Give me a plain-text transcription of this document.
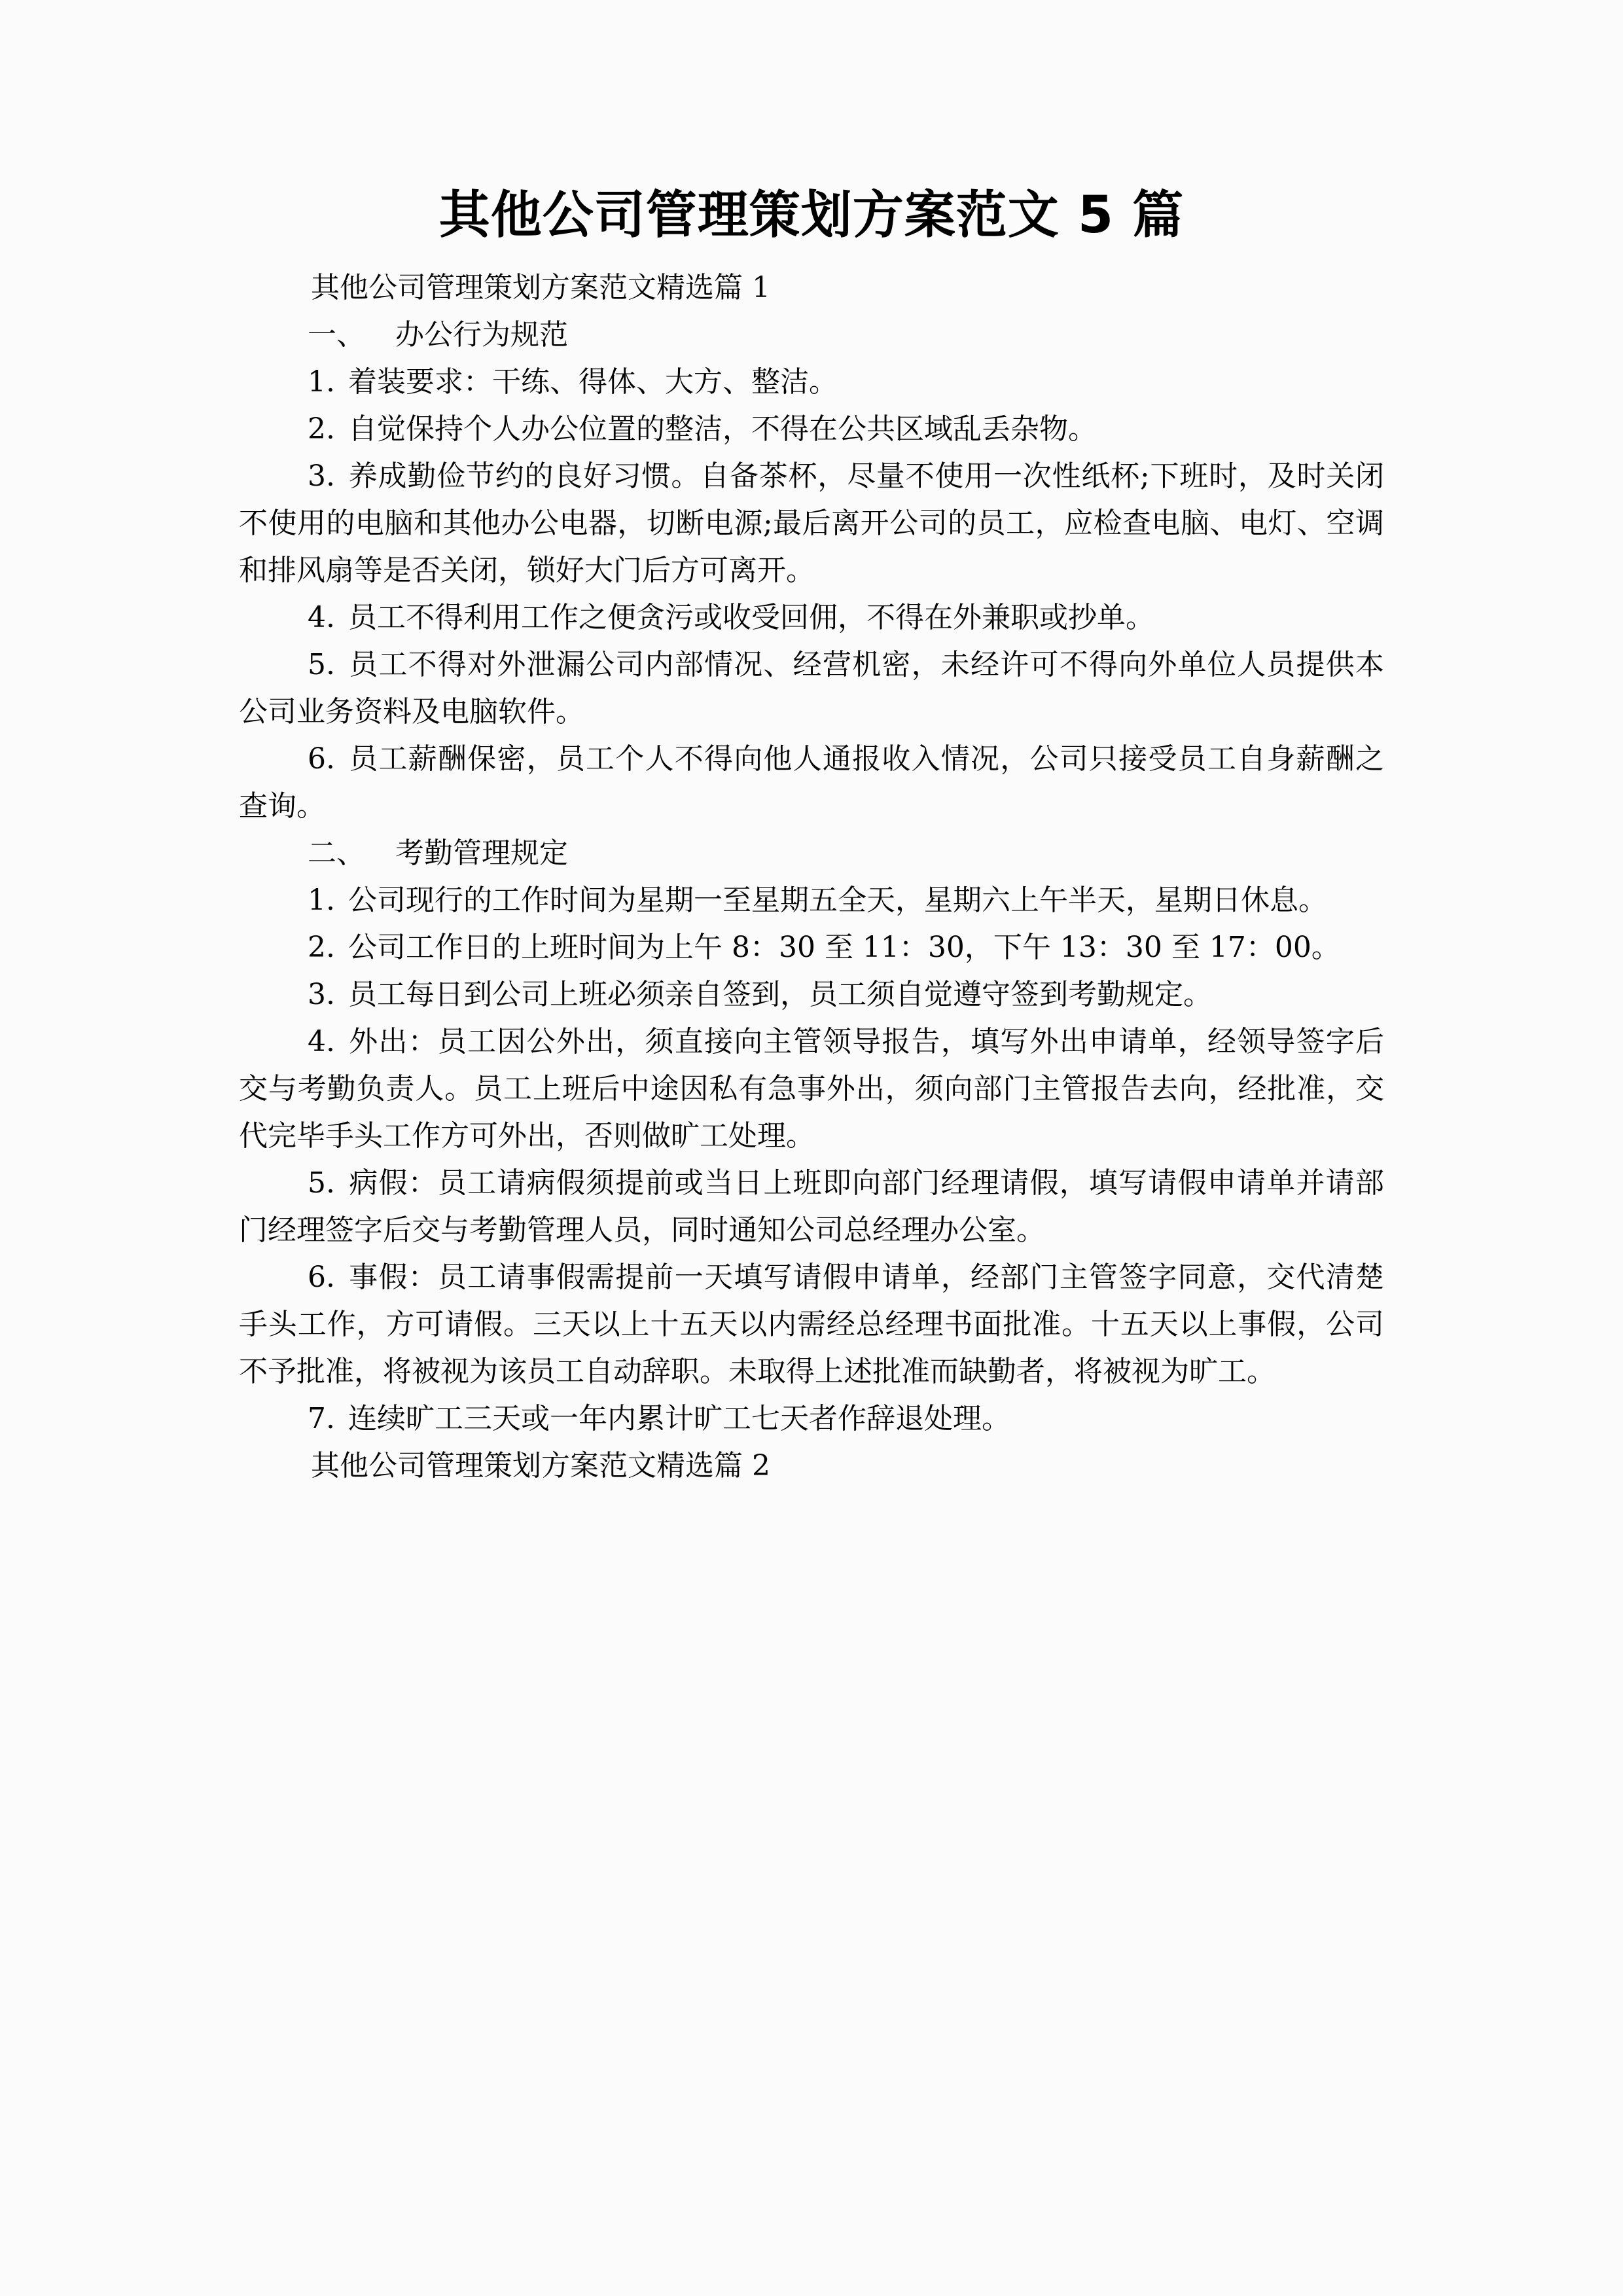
其他公司管理策划方案范文 5 篇
其他公司管理策划方案范文精选篇 1
一、 办公行为规范

1. 着装要求：干练、得体、大方、整洁。

2. 自觉保持个人办公位置的整洁，不得在公共区域乱丢杂物。

3. 养成勤俭节约的良好习惯。自备茶杯，尽量不使用一次性纸杯;下班时，及时关闭不使用的电脑和其他办公电器，切断电源;最后离开公司的员工，应检查电脑、电灯、空调和排风扇等是否关闭，锁好大门后方可离开。

4. 员工不得利用工作之便贪污或收受回佣，不得在外兼职或抄单。

5. 员工不得对外泄漏公司内部情况、经营机密，未经许可不得向外单位人员提供本公司业务资料及电脑软件。

6. 员工薪酬保密，员工个人不得向他人通报收入情况，公司只接受员工自身薪酬之查询。

二、 考勤管理规定

1. 公司现行的工作时间为星期一至星期五全天，星期六上午半天，星期日休息。

2. 公司工作日的上班时间为上午 8：30 至 11：30，下午 13：30 至 17：00。

3. 员工每日到公司上班必须亲自签到，员工须自觉遵守签到考勤规定。

4. 外出：员工因公外出，须直接向主管领导报告，填写外出申请单，经领导签字后交与考勤负责人。员工上班后中途因私有急事外出，须向部门主管报告去向，经批准，交代完毕手头工作方可外出，否则做旷工处理。

5. 病假：员工请病假须提前或当日上班即向部门经理请假，填写请假申请单并请部门经理签字后交与考勤管理人员，同时通知公司总经理办公室。

6. 事假：员工请事假需提前一天填写请假申请单，经部门主管签字同意，交代清楚手头工作，方可请假。三天以上十五天以内需经总经理书面批准。十五天以上事假，公司不予批准，将被视为该员工自动辞职。未取得上述批准而缺勤者，将被视为旷工。

7. 连续旷工三天或一年内累计旷工七天者作辞退处理。

其他公司管理策划方案范文精选篇 2
